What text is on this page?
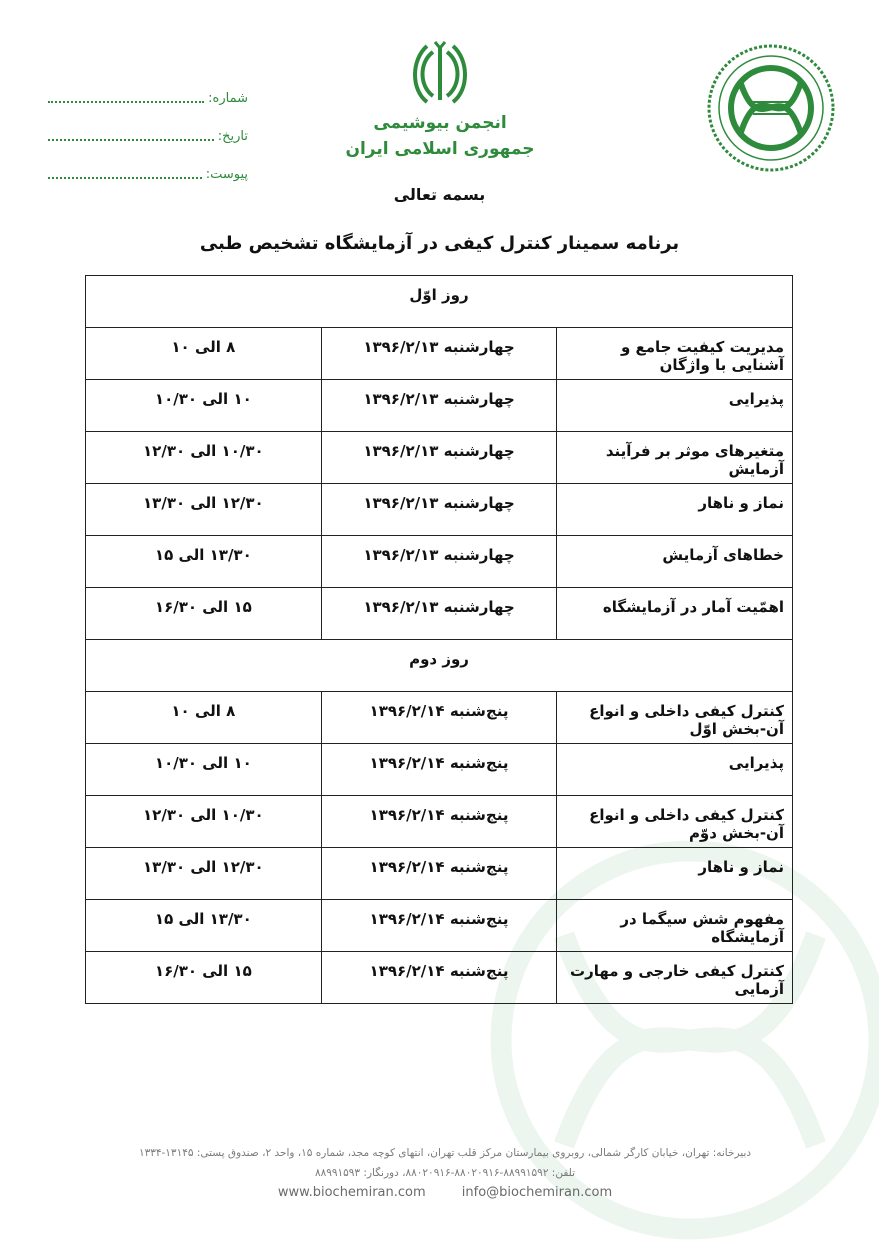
شماره:
تاریخ:
پیوست:
انجمن بیوشیمی
جمهوری اسلامی ایران
بسمه تعالی
برنامه سمینار کنترل کیفی در آزمایشگاه تشخیص طبی
روز اوّل		
مدیریت کیفیت جامع و آشنایی با واژگان	چهارشنبه ۱۳۹۶/۲/۱۳	۸ الی ۱۰
پذیرایی	چهارشنبه ۱۳۹۶/۲/۱۳	۱۰ الی ۱۰/۳۰
متغیرهای موثر بر فرآیند آزمایش	چهارشنبه ۱۳۹۶/۲/۱۳	۱۰/۳۰ الی ۱۲/۳۰
نماز و ناهار	چهارشنبه ۱۳۹۶/۲/۱۳	۱۲/۳۰ الی ۱۳/۳۰
خطاهای آزمایش	چهارشنبه ۱۳۹۶/۲/۱۳	۱۳/۳۰ الی ۱۵
اهمّیت آمار در آزمایشگاه	چهارشنبه ۱۳۹۶/۲/۱۳	۱۵ الی ۱۶/۳۰
روز دوم		
کنترل کیفی داخلی و انواع آن-بخش اوّل	پنج‌شنبه ۱۳۹۶/۲/۱۴	۸ الی ۱۰
پذیرایی	پنج‌شنبه ۱۳۹۶/۲/۱۴	۱۰ الی ۱۰/۳۰
کنترل کیفی داخلی و انواع آن-بخش دوّم	پنج‌شنبه ۱۳۹۶/۲/۱۴	۱۰/۳۰ الی ۱۲/۳۰
نماز و ناهار	پنج‌شنبه ۱۳۹۶/۲/۱۴	۱۲/۳۰ الی ۱۳/۳۰
مفهوم شش سیگما در آزمایشگاه	پنج‌شنبه ۱۳۹۶/۲/۱۴	۱۳/۳۰ الی ۱۵
کنترل کیفی خارجی و مهارت آزمایی	پنج‌شنبه ۱۳۹۶/۲/۱۴	۱۵ الی ۱۶/۳۰
دبیرخانه: تهران، خیابان کارگر شمالی، روبروی بیمارستان مرکز قلب تهران، انتهای کوچه مجد، شماره ۱۵، واحد ۲، صندوق پستی: ۱۳۱۴۵-۱۳۳۴
تلفن: ۸۸۹۹۱۵۹۲-۸۸۰۲۰۹۱۶-۸۸۰۲۰۹۱۶، دورنگار: ۸۸۹۹۱۵۹۳
www.biochemiran.com	info@biochemiran.com
